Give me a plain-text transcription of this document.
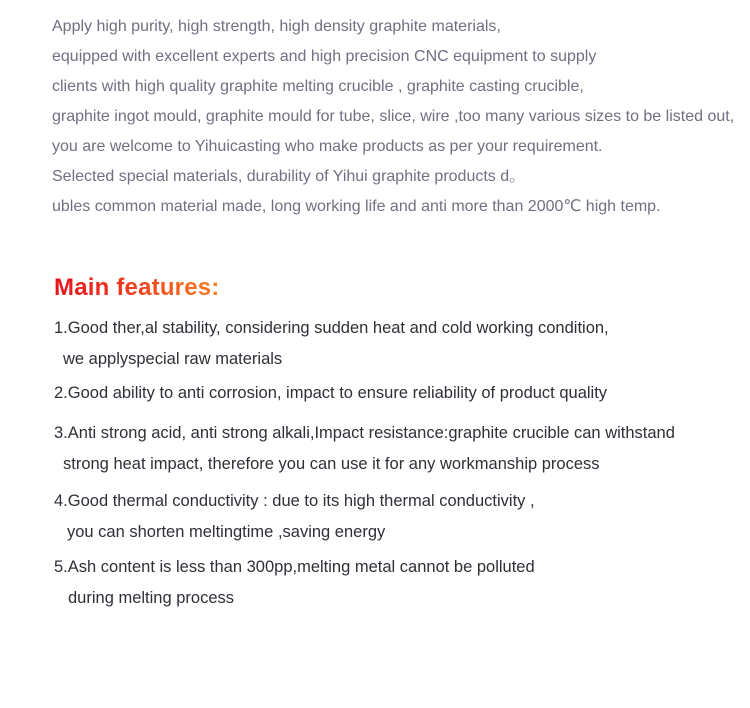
Apply high purity, high strength, high density graphite materials,
equipped with excellent experts and high precision CNC equipment to supply
clients with high quality graphite melting crucible , graphite casting crucible,
graphite ingot mould, graphite mould for tube, slice, wire ,too many various sizes to be listed out,
you are welcome to Yihuicasting who make products as per your requirement.
Selected special materials, durability of Yihui graphite products d。
ubles common material made, long working life and anti more than 2000℃ high temp.
Main features:
1.Good ther,al stability, considering sudden heat and cold working condition,
we applyspecial raw materials
2.Good ability to anti corrosion, impact to ensure reliability of product quality
3.Anti strong acid, anti strong alkali,Impact resistance:graphite crucible can withstand
strong heat impact, therefore you can use it for any workmanship process
4.Good thermal conductivity : due to its high thermal conductivity ,
you can shorten meltingtime ,saving energy
5.Ash content is less than 300pp,melting metal cannot be polluted
during melting process
